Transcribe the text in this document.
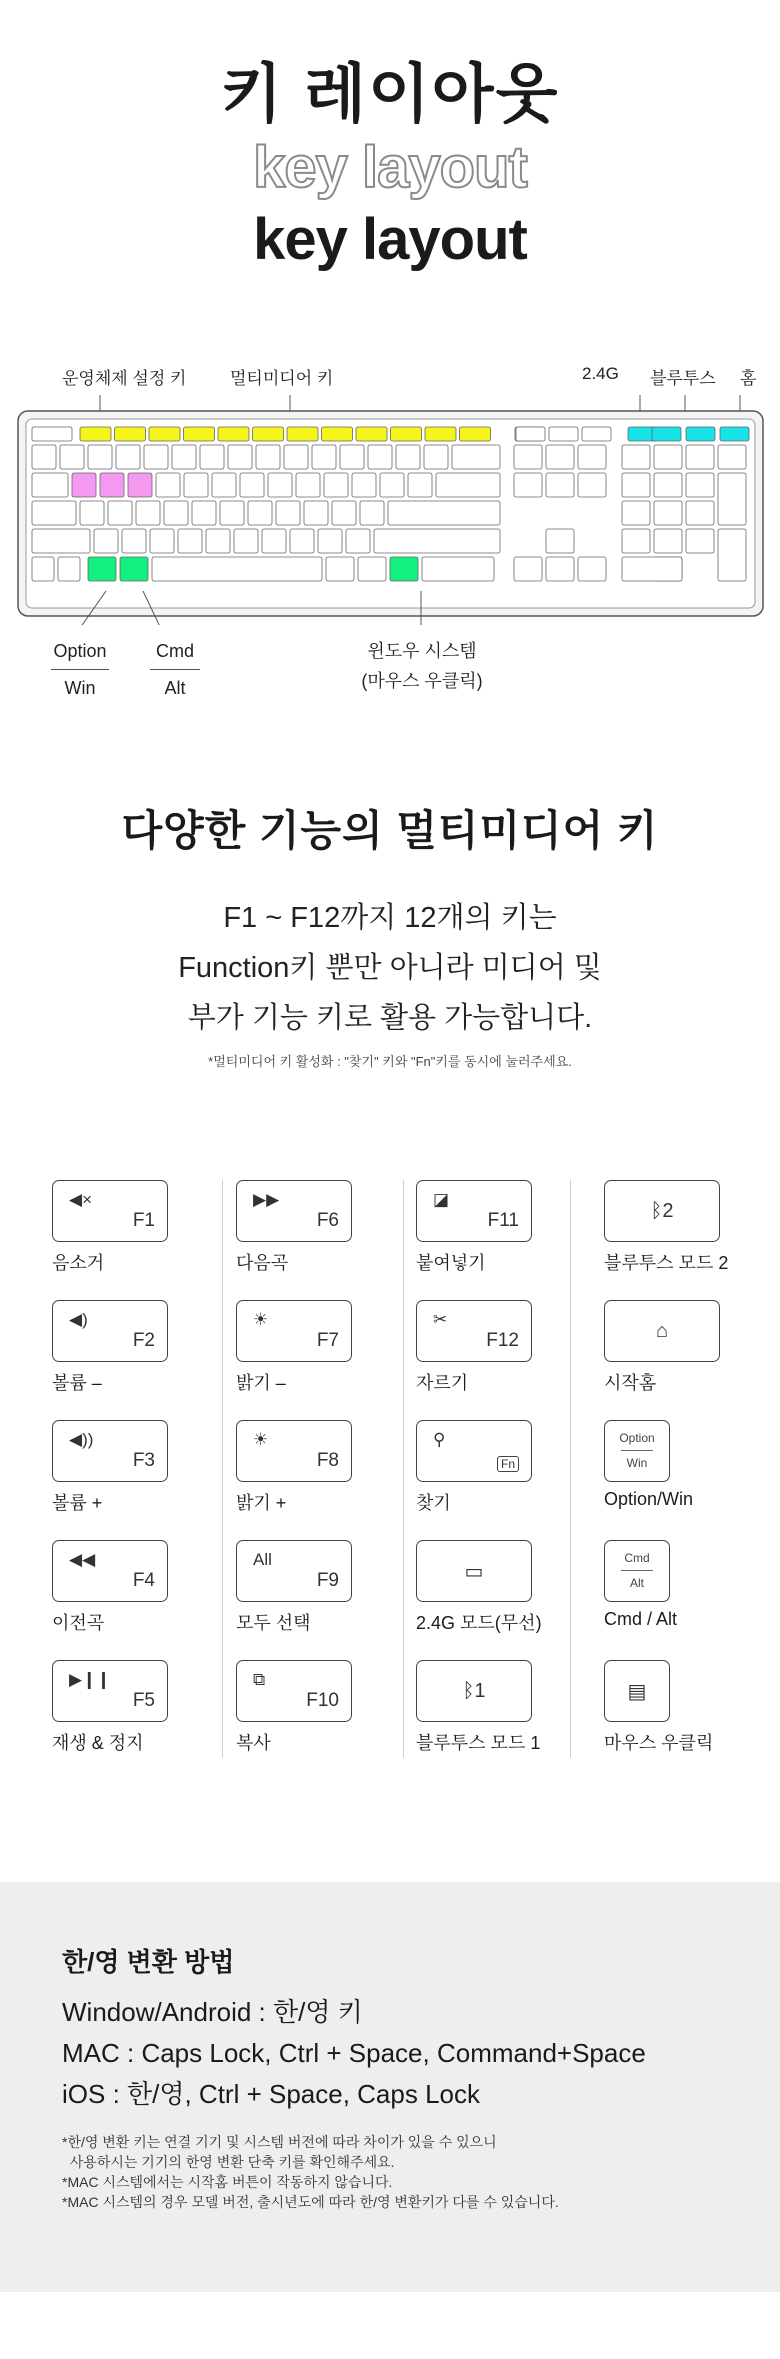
키 레이아웃
key layout
key layout
운영체제 설정 키	멀티미디어 키	2.4G 블루투스 홈
Option
Win
Cmd
Alt
윈도우 시스템
(마우스 우클릭)
다양한 기능의 멀티미디어 키
F1 ~ F12까지 12개의 키는
Function키 뿐만 아니라 미디어 및
부가 기능 키로 활용 가능합니다.
*멀티미디어 키 활성화 : "찾기" 키와 "Fn"키를 동시에 눌러주세요.
◀×
F1
음소거
◀)
F2
볼륨 –
◀))
F3
볼륨 +
◀◀
F4
이전곡
▶❙❙
F5
재생 & 정지
▶▶
F6
다음곡
☀
F7
밝기 –
☀
F8
밝기 +
All
F9
모두 선택
⧉
F10
복사
◪
F11
붙여넣기
✂
F12
자르기
⚲
Fn
찾기
▭
2.4G 모드(무선)
ᛒ1
블루투스 모드 1
ᛒ2
블루투스 모드 2
⌂
시작홈
Option
Win
Option/Win
Cmd
Alt
Cmd / Alt
▤
마우스 우클릭
한/영 변환 방법
Window/Android : 한/영 키
MAC : Caps Lock, Ctrl + Space, Command+Space
iOS : 한/영, Ctrl + Space, Caps Lock
*한/영 변환 키는 연결 기기 및 시스템 버전에 따라 차이가 있을 수 있으니
사용하시는 기기의 한영 변환 단축 키를 확인해주세요.
*MAC 시스템에서는 시작홈 버튼이 작동하지 않습니다.
*MAC 시스템의 경우 모델 버전, 출시년도에 따라 한/영 변환키가 다를 수 있습니다.
